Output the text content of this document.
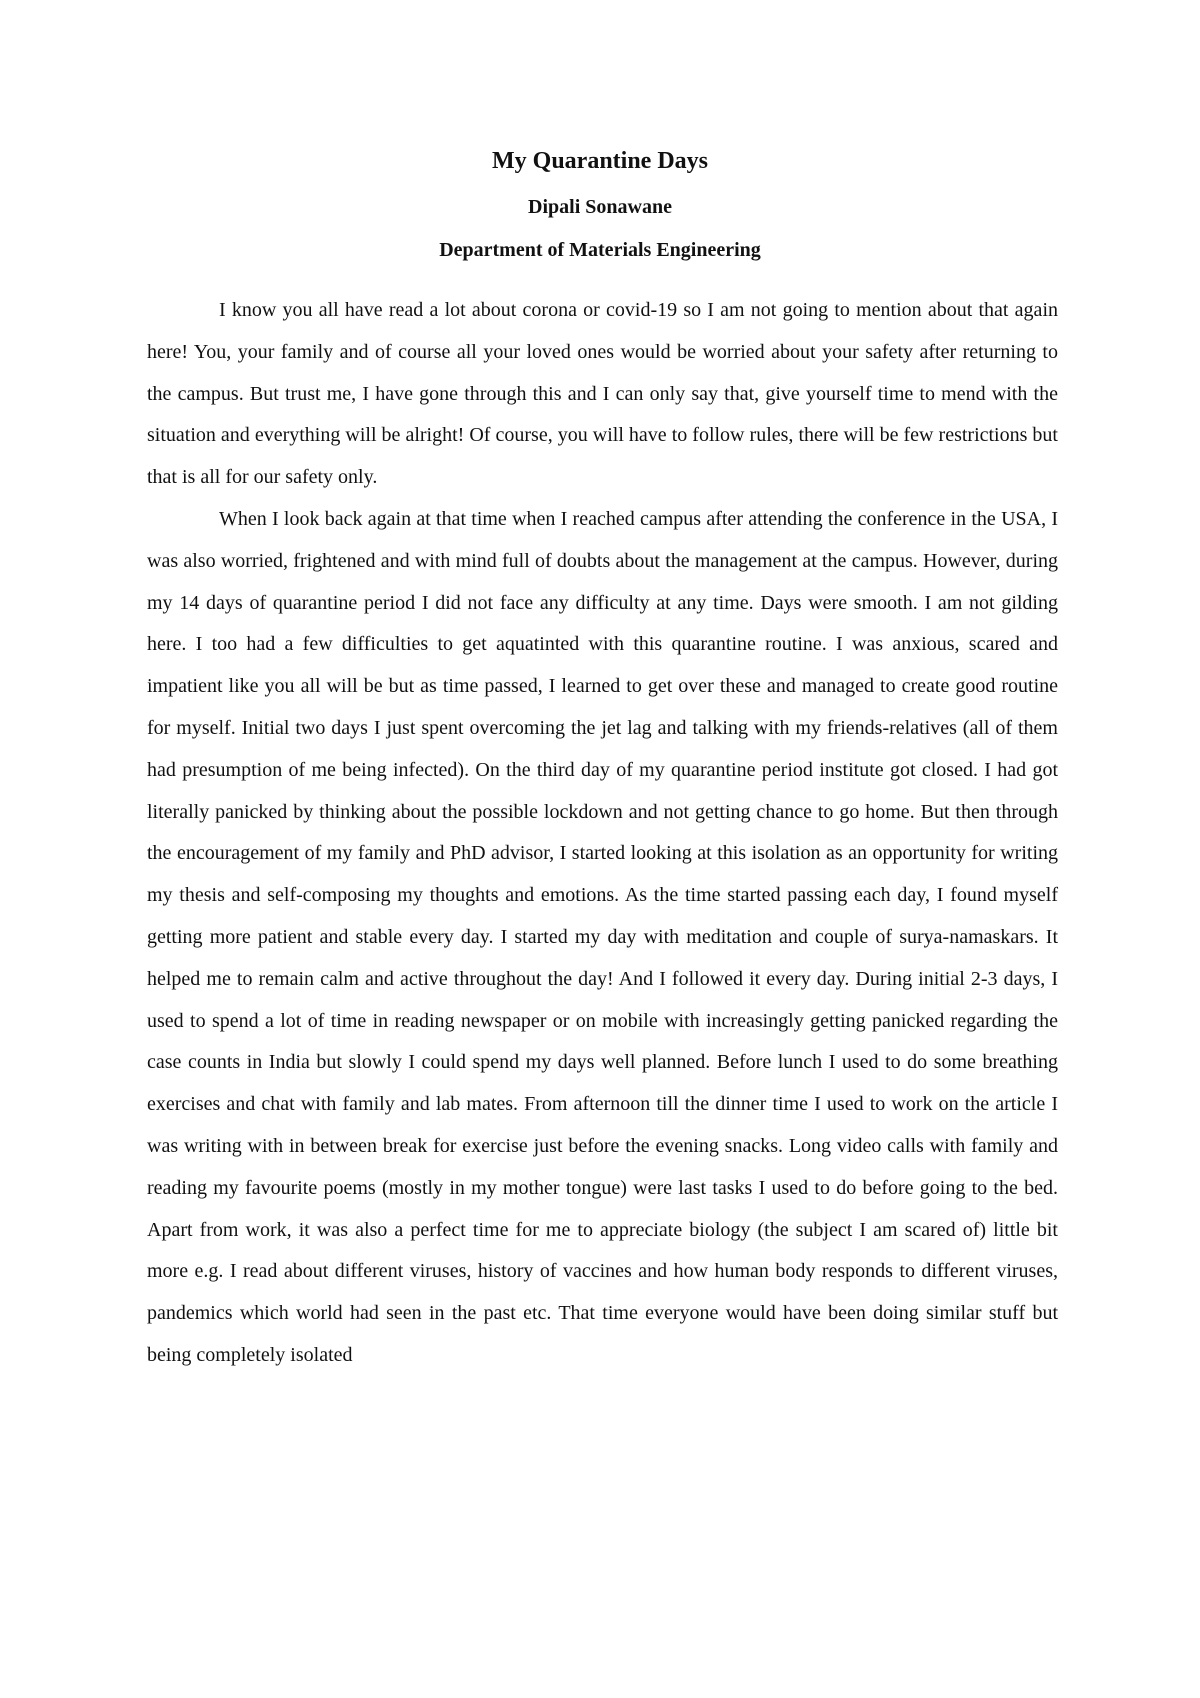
My Quarantine Days
Dipali Sonawane
Department of Materials Engineering

I know you all have read a lot about corona or covid-19 so I am not going to mention about that again here! You, your family and of course all your loved ones would be worried about your safety after returning to the campus. But trust me, I have gone through this and I can only say that, give yourself time to mend with the situation and everything will be alright! Of course, you will have to follow rules, there will be few restrictions but that is all for our safety only.

When I look back again at that time when I reached campus after attending the conference in the USA, I was also worried, frightened and with mind full of doubts about the management at the campus. However, during my 14 days of quarantine period I did not face any difficulty at any time. Days were smooth. I am not gilding here. I too had a few difficulties to get aquatinted with this quarantine routine. I was anxious, scared and impatient like you all will be but as time passed, I learned to get over these and managed to create good routine for myself. Initial two days I just spent overcoming the jet lag and talking with my friends-relatives (all of them had presumption of me being infected). On the third day of my quarantine period institute got closed. I had got literally panicked by thinking about the possible lockdown and not getting chance to go home. But then through the encouragement of my family and PhD advisor, I started looking at this isolation as an opportunity for writing my thesis and self-composing my thoughts and emotions. As the time started passing each day, I found myself getting more patient and stable every day. I started my day with meditation and couple of surya-namaskars. It helped me to remain calm and active throughout the day! And I followed it every day. During initial 2-3 days, I used to spend a lot of time in reading newspaper or on mobile with increasingly getting panicked regarding the case counts in India but slowly I could spend my days well planned. Before lunch I used to do some breathing exercises and chat with family and lab mates. From afternoon till the dinner time I used to work on the article I was writing with in between break for exercise just before the evening snacks. Long video calls with family and reading my favourite poems (mostly in my mother tongue) were last tasks I used to do before going to the bed. Apart from work, it was also a perfect time for me to appreciate biology (the subject I am scared of) little bit more e.g. I read about different viruses, history of vaccines and how human body responds to different viruses, pandemics which world had seen in the past etc. That time everyone would have been doing similar stuff but being completely isolated
